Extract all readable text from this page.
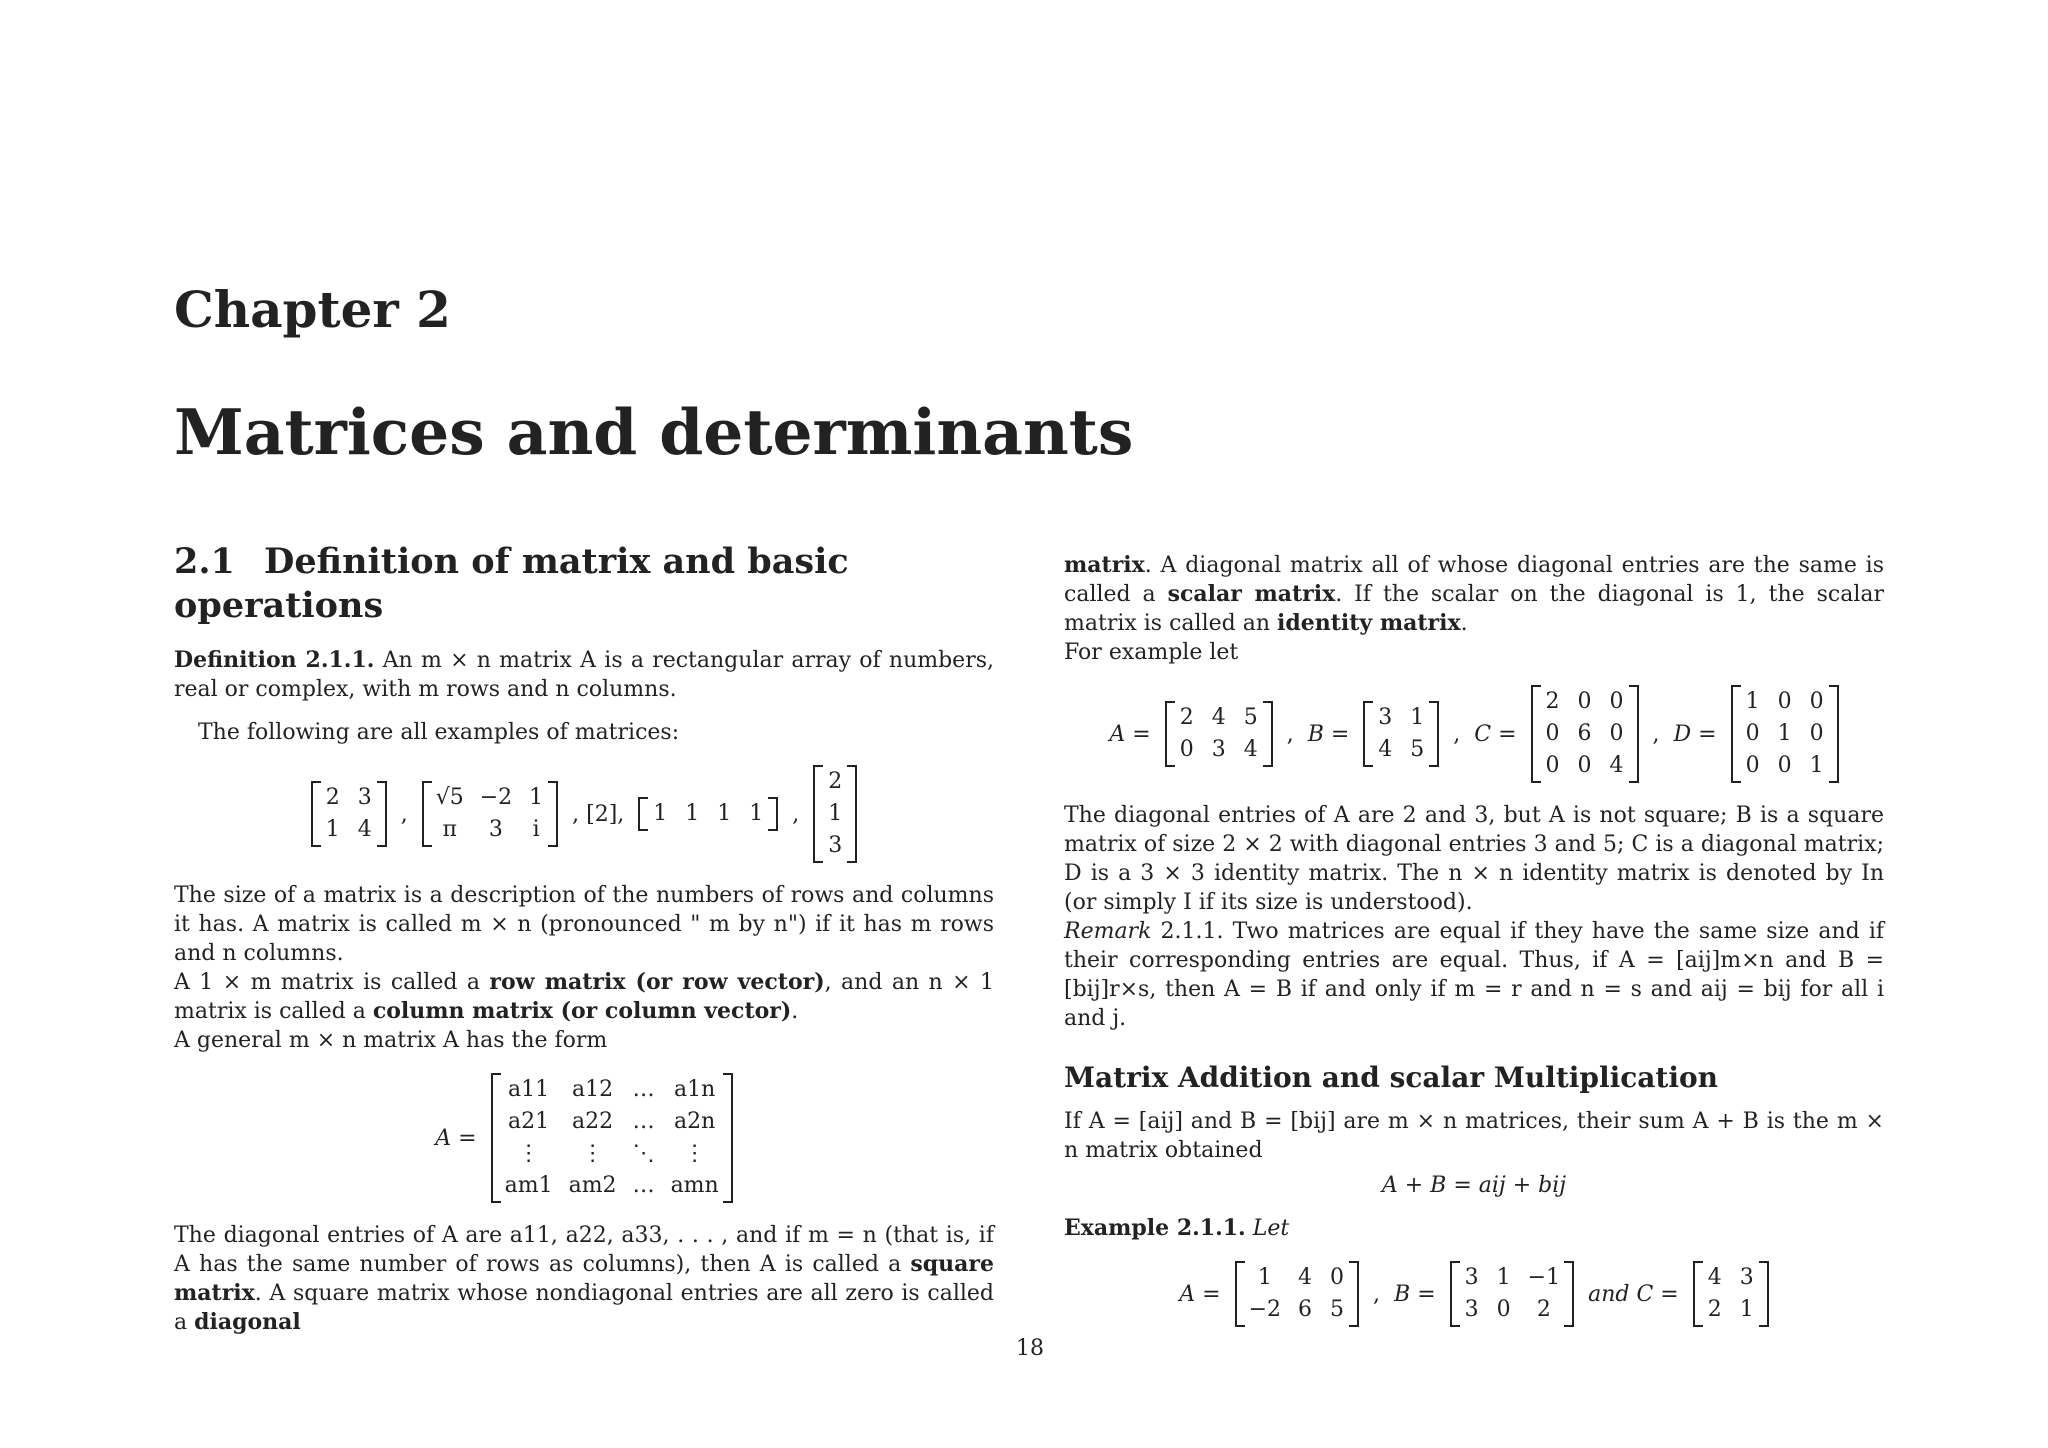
Chapter 2
Matrices and determinants
2.1 Definition of matrix and basic operations

Definition 2.1.1. An m × n matrix A is a rectangular array of numbers, real or complex, with m rows and n columns.

The following are all examples of matrices:

2 3
1 4
,
√5 −2 1
π	3	i
, [2], 1 1 1 1 ,
2
1
3

The size of a matrix is a description of the numbers of rows and columns it has. A matrix is called m × n (pronounced " m by n") if it has m rows and n columns.

A 1 × m matrix is called a row matrix (or row vector), and an n × 1 matrix is called a column matrix (or column vector).

A general m × n matrix A has the form

A =
a11 a12 … a1n
a21 a22 … a2n
⋮	⋮	⋱	⋮
am1 am2 … amn

The diagonal entries of A are a11, a22, a33, . . . , and if m = n (that is, if A has the same number of rows as columns), then A is called a square matrix. A square matrix whose nondiagonal entries are all zero is called a diagonal

matrix. A diagonal matrix all of whose diagonal entries are the same is called a scalar matrix. If the scalar on the diagonal is 1, the scalar matrix is called an identity matrix.

For example let

A =
2 4 5
0 3 4
, B =
3 1
4 5
, C =
2 0 0
0 6 0
0 0 4
, D =
1 0 0
0 1 0
0 0 1

The diagonal entries of A are 2 and 3, but A is not square; B is a square matrix of size 2 × 2 with diagonal entries 3 and 5; C is a diagonal matrix; D is a 3 × 3 identity matrix. The n × n identity matrix is denoted by In (or simply I if its size is understood).

Remark 2.1.1. Two matrices are equal if they have the same size and if their corresponding entries are equal. Thus, if A = [aij]m×n and B = [bij]r×s, then A = B if and only if m = r and n = s and aij = bij for all i and j.

Matrix Addition and scalar Multiplication

If A = [aij] and B = [bij] are m × n matrices, their sum A + B is the m × n matrix obtained

A + B = aij + bij

Example 2.1.1. Let

A =
1	4 0
−2 6 5
, B =
3 1 −1
3 0	2
and C =
4 3
2 1
18
